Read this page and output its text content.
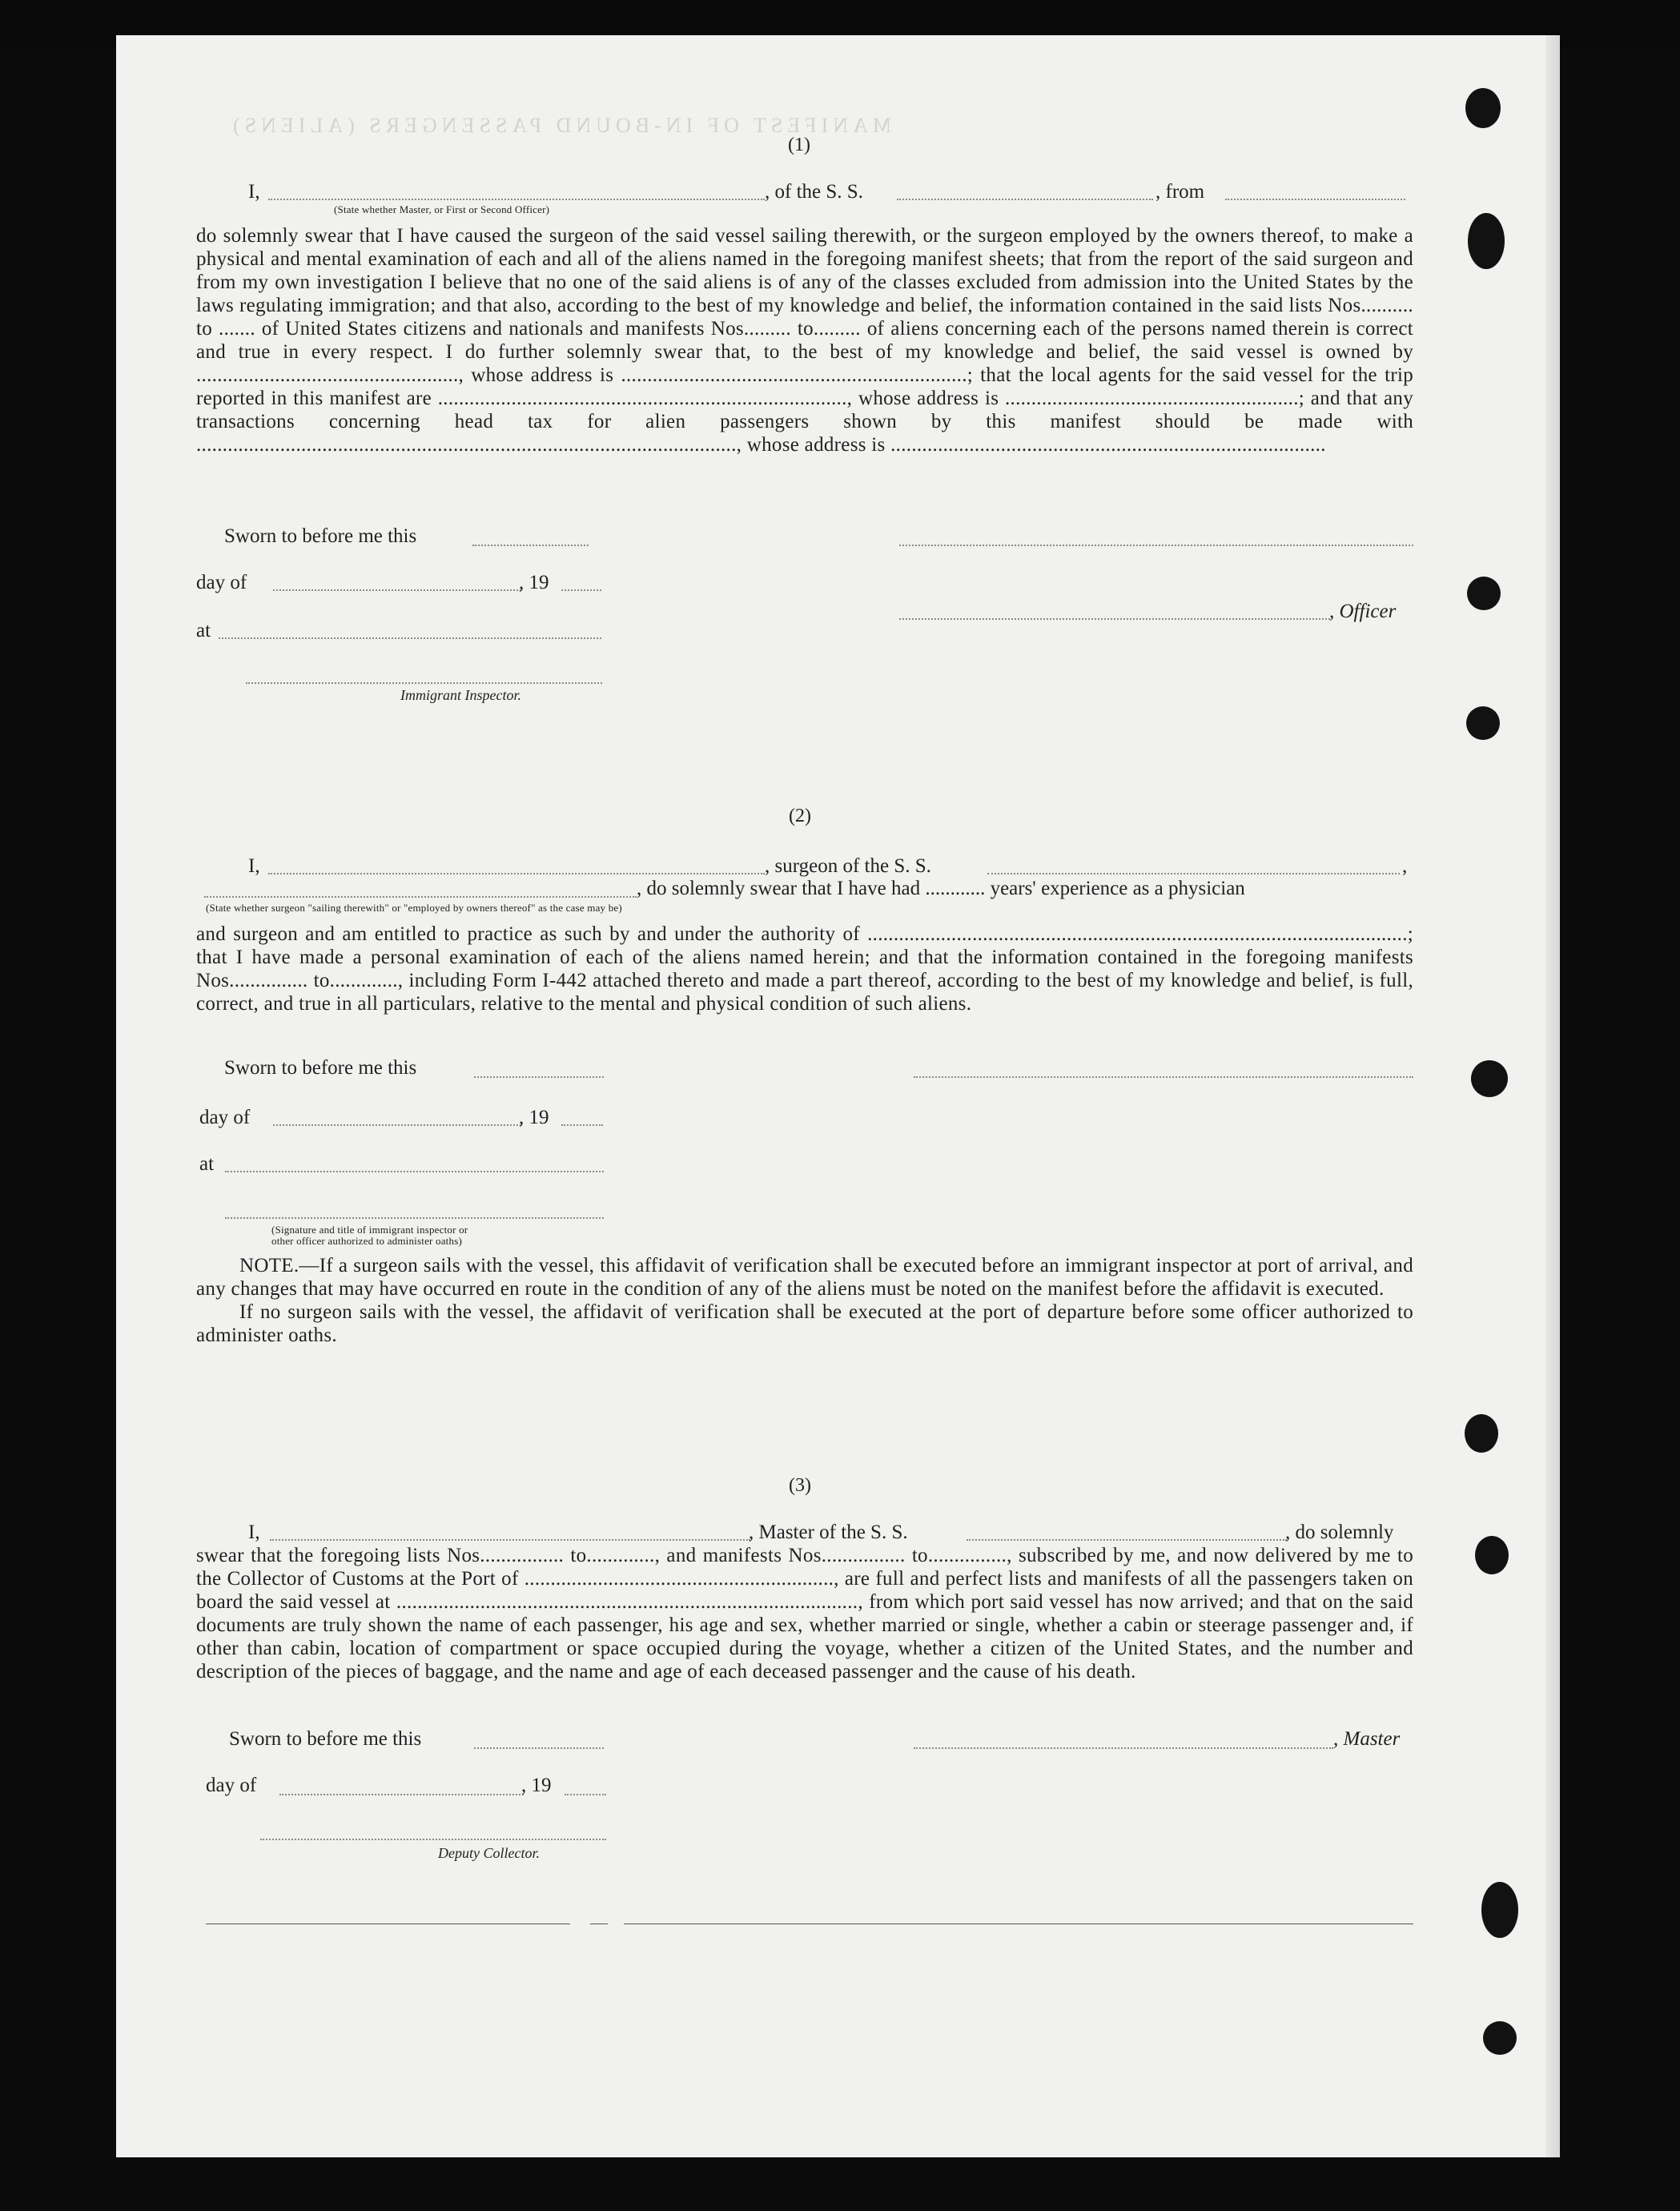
MANIFEST OF IN-BOUND PASSENGERS (ALIENS)
(1)
I,	, of the S. S.	, from
(State whether Master, or First or Second Officer)

do solemnly swear that I have caused the surgeon of the said vessel sailing therewith, or the surgeon employed by the owners thereof, to make a physical and mental examination of each and all of the aliens named in the foregoing manifest sheets; that from the report of the said surgeon and from my own investigation I believe that no one of the said aliens is of any of the classes excluded from admission into the United States by the laws regulating immigration; and that also, according to the best of my knowledge and belief, the information contained in the said lists Nos.......... to ....... of United States citizens and nationals and manifests Nos......... to......... of aliens concerning each of the persons named therein is correct and true in every respect. I do further solemnly swear that, to the best of my knowledge and belief, the said vessel is owned by .................................................., whose address is ..................................................................; that the local agents for the said vessel for the trip reported in this manifest are .............................................................................., whose address is ........................................................; and that any transactions concerning head tax for alien passengers shown by this manifest should be made with ......................................................................................................., whose address is ...................................................................................

Sworn to before me this
day of	, 19
, Officer
at
Immigrant Inspector.
(2)
I,	, surgeon of the S. S.	,
, do solemnly swear that I have had ............ years' experience as a physician
(State whether surgeon "sailing therewith" or "employed by owners thereof" as the case may be)

and surgeon and am entitled to practice as such by and under the authority of .......................................................................................................; that I have made a personal examination of each of the aliens named herein; and that the information contained in the foregoing manifests Nos............... to............., including Form I-442 attached thereto and made a part thereof, according to the best of my knowledge and belief, is full, correct, and true in all particulars, relative to the mental and physical condition of such aliens.

Sworn to before me this
day of	, 19
at
(Signature and title of immigrant inspector or
other officer authorized to administer oaths)

NOTE.—If a surgeon sails with the vessel, this affidavit of verification shall be executed before an immigrant inspector at port of arrival, and any changes that may have occurred en route in the condition of any of the aliens must be noted on the manifest before the affidavit is executed.

If no surgeon sails with the vessel, the affidavit of verification shall be executed at the port of departure before some officer authorized to administer oaths.

(3)
I,	, Master of the S. S.	, do solemnly

swear that the foregoing lists Nos................ to............., and manifests Nos................ to..............., subscribed by me, and now delivered by me to the Collector of Customs at the Port of ..........................................................., are full and perfect lists and manifests of all the passengers taken on board the said vessel at ........................................................................................, from which port said vessel has now arrived; and that on the said documents are truly shown the name of each passenger, his age and sex, whether married or single, whether a cabin or steerage passenger and, if other than cabin, location of compartment or space occupied during the voyage, whether a citizen of the United States, and the number and description of the pieces of baggage, and the name and age of each deceased passenger and the cause of his death.

Sworn to before me this	, Master
day of	, 19
Deputy Collector.
